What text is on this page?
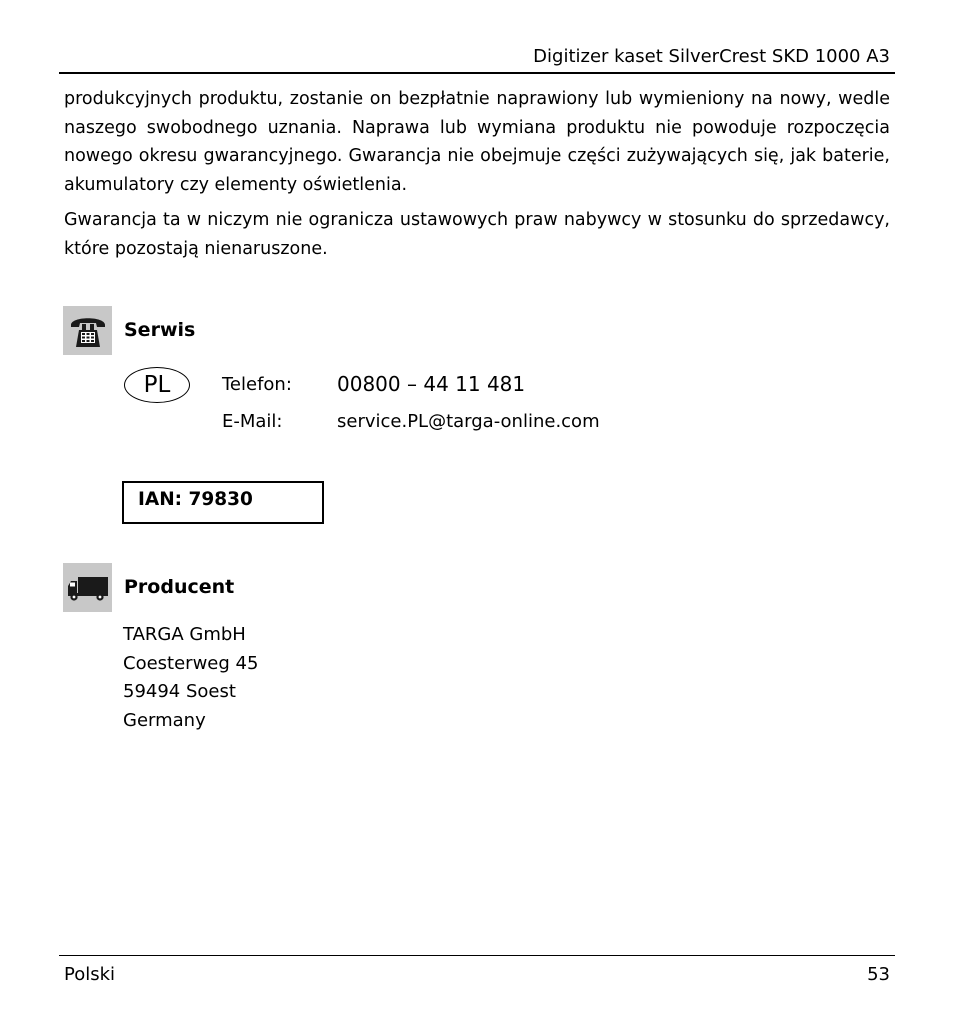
Digitizer kaset SilverCrest SKD 1000 A3

produkcyjnych produktu, zostanie on bezpłatnie naprawiony lub wymieniony na nowy, wedle naszego swobodnego uznania. Naprawa lub wymiana produktu nie powoduje rozpoczęcia nowego okresu gwarancyjnego. Gwarancja nie obejmuje części zużywających się, jak baterie, akumulatory czy elementy oświetlenia.

Gwarancja ta w niczym nie ogranicza ustawowych praw nabywcy w stosunku do sprzedawcy, które pozostają nienaruszone.

Serwis
PL	Telefon: 00800 – 44 11 481
E-Mail:	service.PL@targa-online.com
IAN: 79830
Producent
TARGA GmbH
Coesterweg 45
59494 Soest
Germany
Polski	53
